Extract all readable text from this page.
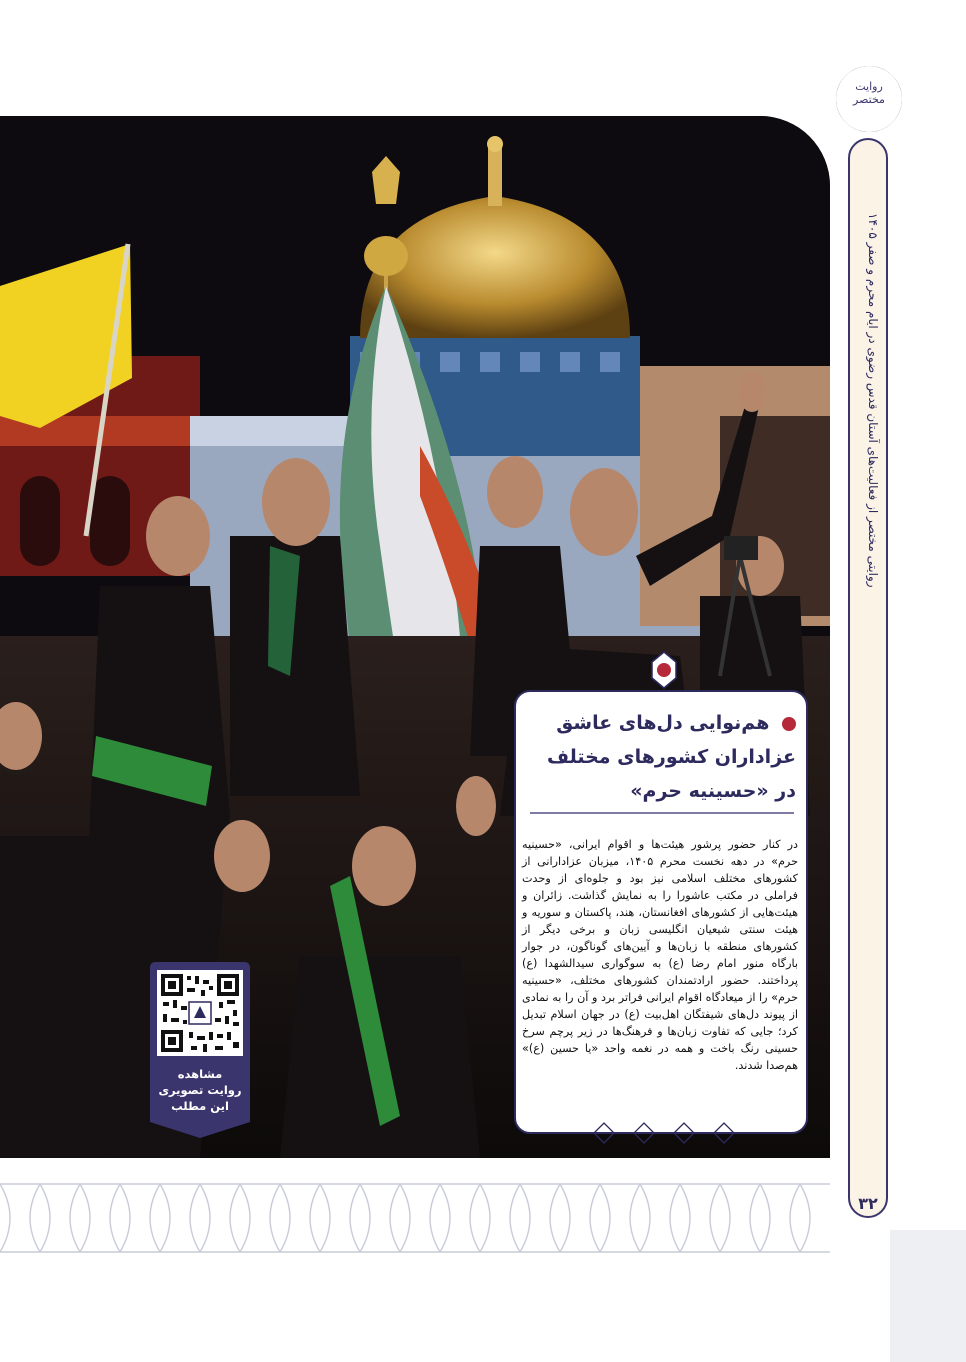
روایت مختصر
روایتی مختصر از فعالیت‌های آستان قدس رضوی در ایام محرم و صفر ۱۴۰۵
۳۲
هم‌نوایی دل‌های عاشق
عزاداران کشورهای مختلف
در «حسینیه حرم»
در کنار حضور پرشور هیئت‌ها و اقوام ایرانی، «حسینیه حرم» در دهه نخست محرم ۱۴۰۵، میزبان عزادارانی از کشورهای مختلف اسلامی نیز بود و جلوه‌ای از وحدت فراملی در مکتب عاشورا را به نمایش گذاشت. زائران و هیئت‌هایی از کشورهای افغانستان، هند، پاکستان و سوریه و هیئت سنتی شیعیان انگلیسی زبان و برخی دیگر از کشورهای منطقه با زبان‌ها و آیین‌های گوناگون، در جوار بارگاه منور امام رضا (ع) به سوگواری سیدالشهدا (ع) پرداختند. حضور ارادتمندان کشورهای مختلف، «حسینیه حرم» را از میعادگاه اقوام ایرانی فراتر برد و آن را به نمادی از پیوند دل‌های شیفتگان اهل‌بیت (ع) در جهان اسلام تبدیل کرد؛ جایی که تفاوت زبان‌ها و فرهنگ‌ها در زیر پرچم سرخ حسینی رنگ باخت و همه در نغمه واحد «یا حسین (ع)» هم‌صدا شدند.
مشاهده
روایت تصویری
این مطلب
